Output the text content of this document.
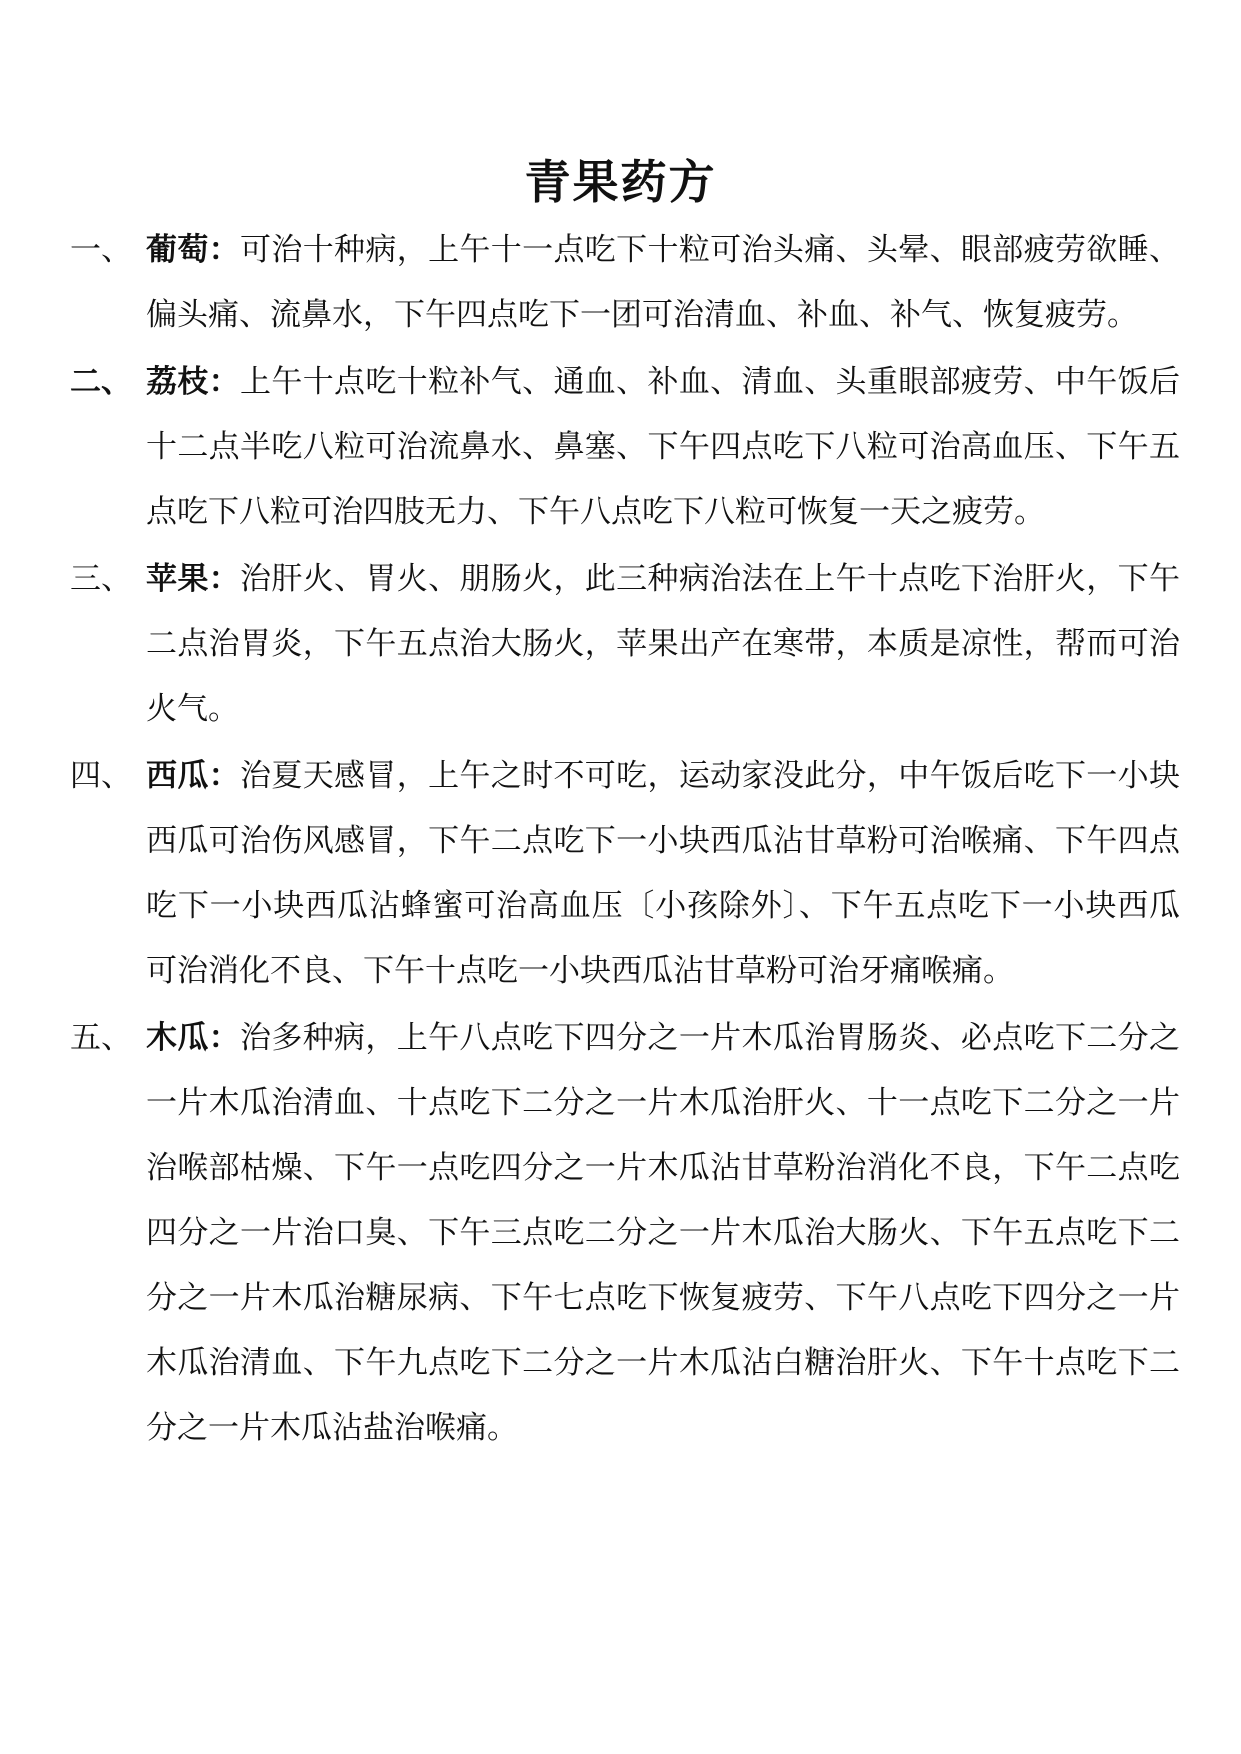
青果药方
一、 葡萄：可治十种病，上午十一点吃下十粒可治头痛、头晕、眼部疲劳欲睡、偏头痛、流鼻水，下午四点吃下一团可治清血、补血、补气、恢复疲劳。
二、 荔枝：上午十点吃十粒补气、通血、补血、清血、头重眼部疲劳、中午饭后十二点半吃八粒可治流鼻水、鼻塞、下午四点吃下八粒可治高血压、下午五点吃下八粒可治四肢无力、下午八点吃下八粒可恢复一天之疲劳。
三、 苹果：治肝火、胃火、朋肠火，此三种病治法在上午十点吃下治肝火，下午二点治胃炎，下午五点治大肠火，苹果出产在寒带，本质是凉性，帮而可治火气。
四、 西瓜：治夏天感冒，上午之时不可吃，运动家没此分，中午饭后吃下一小块西瓜可治伤风感冒，下午二点吃下一小块西瓜沾甘草粉可治喉痛、下午四点吃下一小块西瓜沾蜂蜜可治高血压〔小孩除外〕、下午五点吃下一小块西瓜可治消化不良、下午十点吃一小块西瓜沾甘草粉可治牙痛喉痛。
五、 木瓜：治多种病，上午八点吃下四分之一片木瓜治胃肠炎、必点吃下二分之一片木瓜治清血、十点吃下二分之一片木瓜治肝火、十一点吃下二分之一片治喉部枯燥、下午一点吃四分之一片木瓜沾甘草粉治消化不良，下午二点吃四分之一片治口臭、下午三点吃二分之一片木瓜治大肠火、下午五点吃下二分之一片木瓜治糖尿病、下午七点吃下恢复疲劳、下午八点吃下四分之一片木瓜治清血、下午九点吃下二分之一片木瓜沾白糖治肝火、下午十点吃下二分之一片木瓜沾盐治喉痛。
